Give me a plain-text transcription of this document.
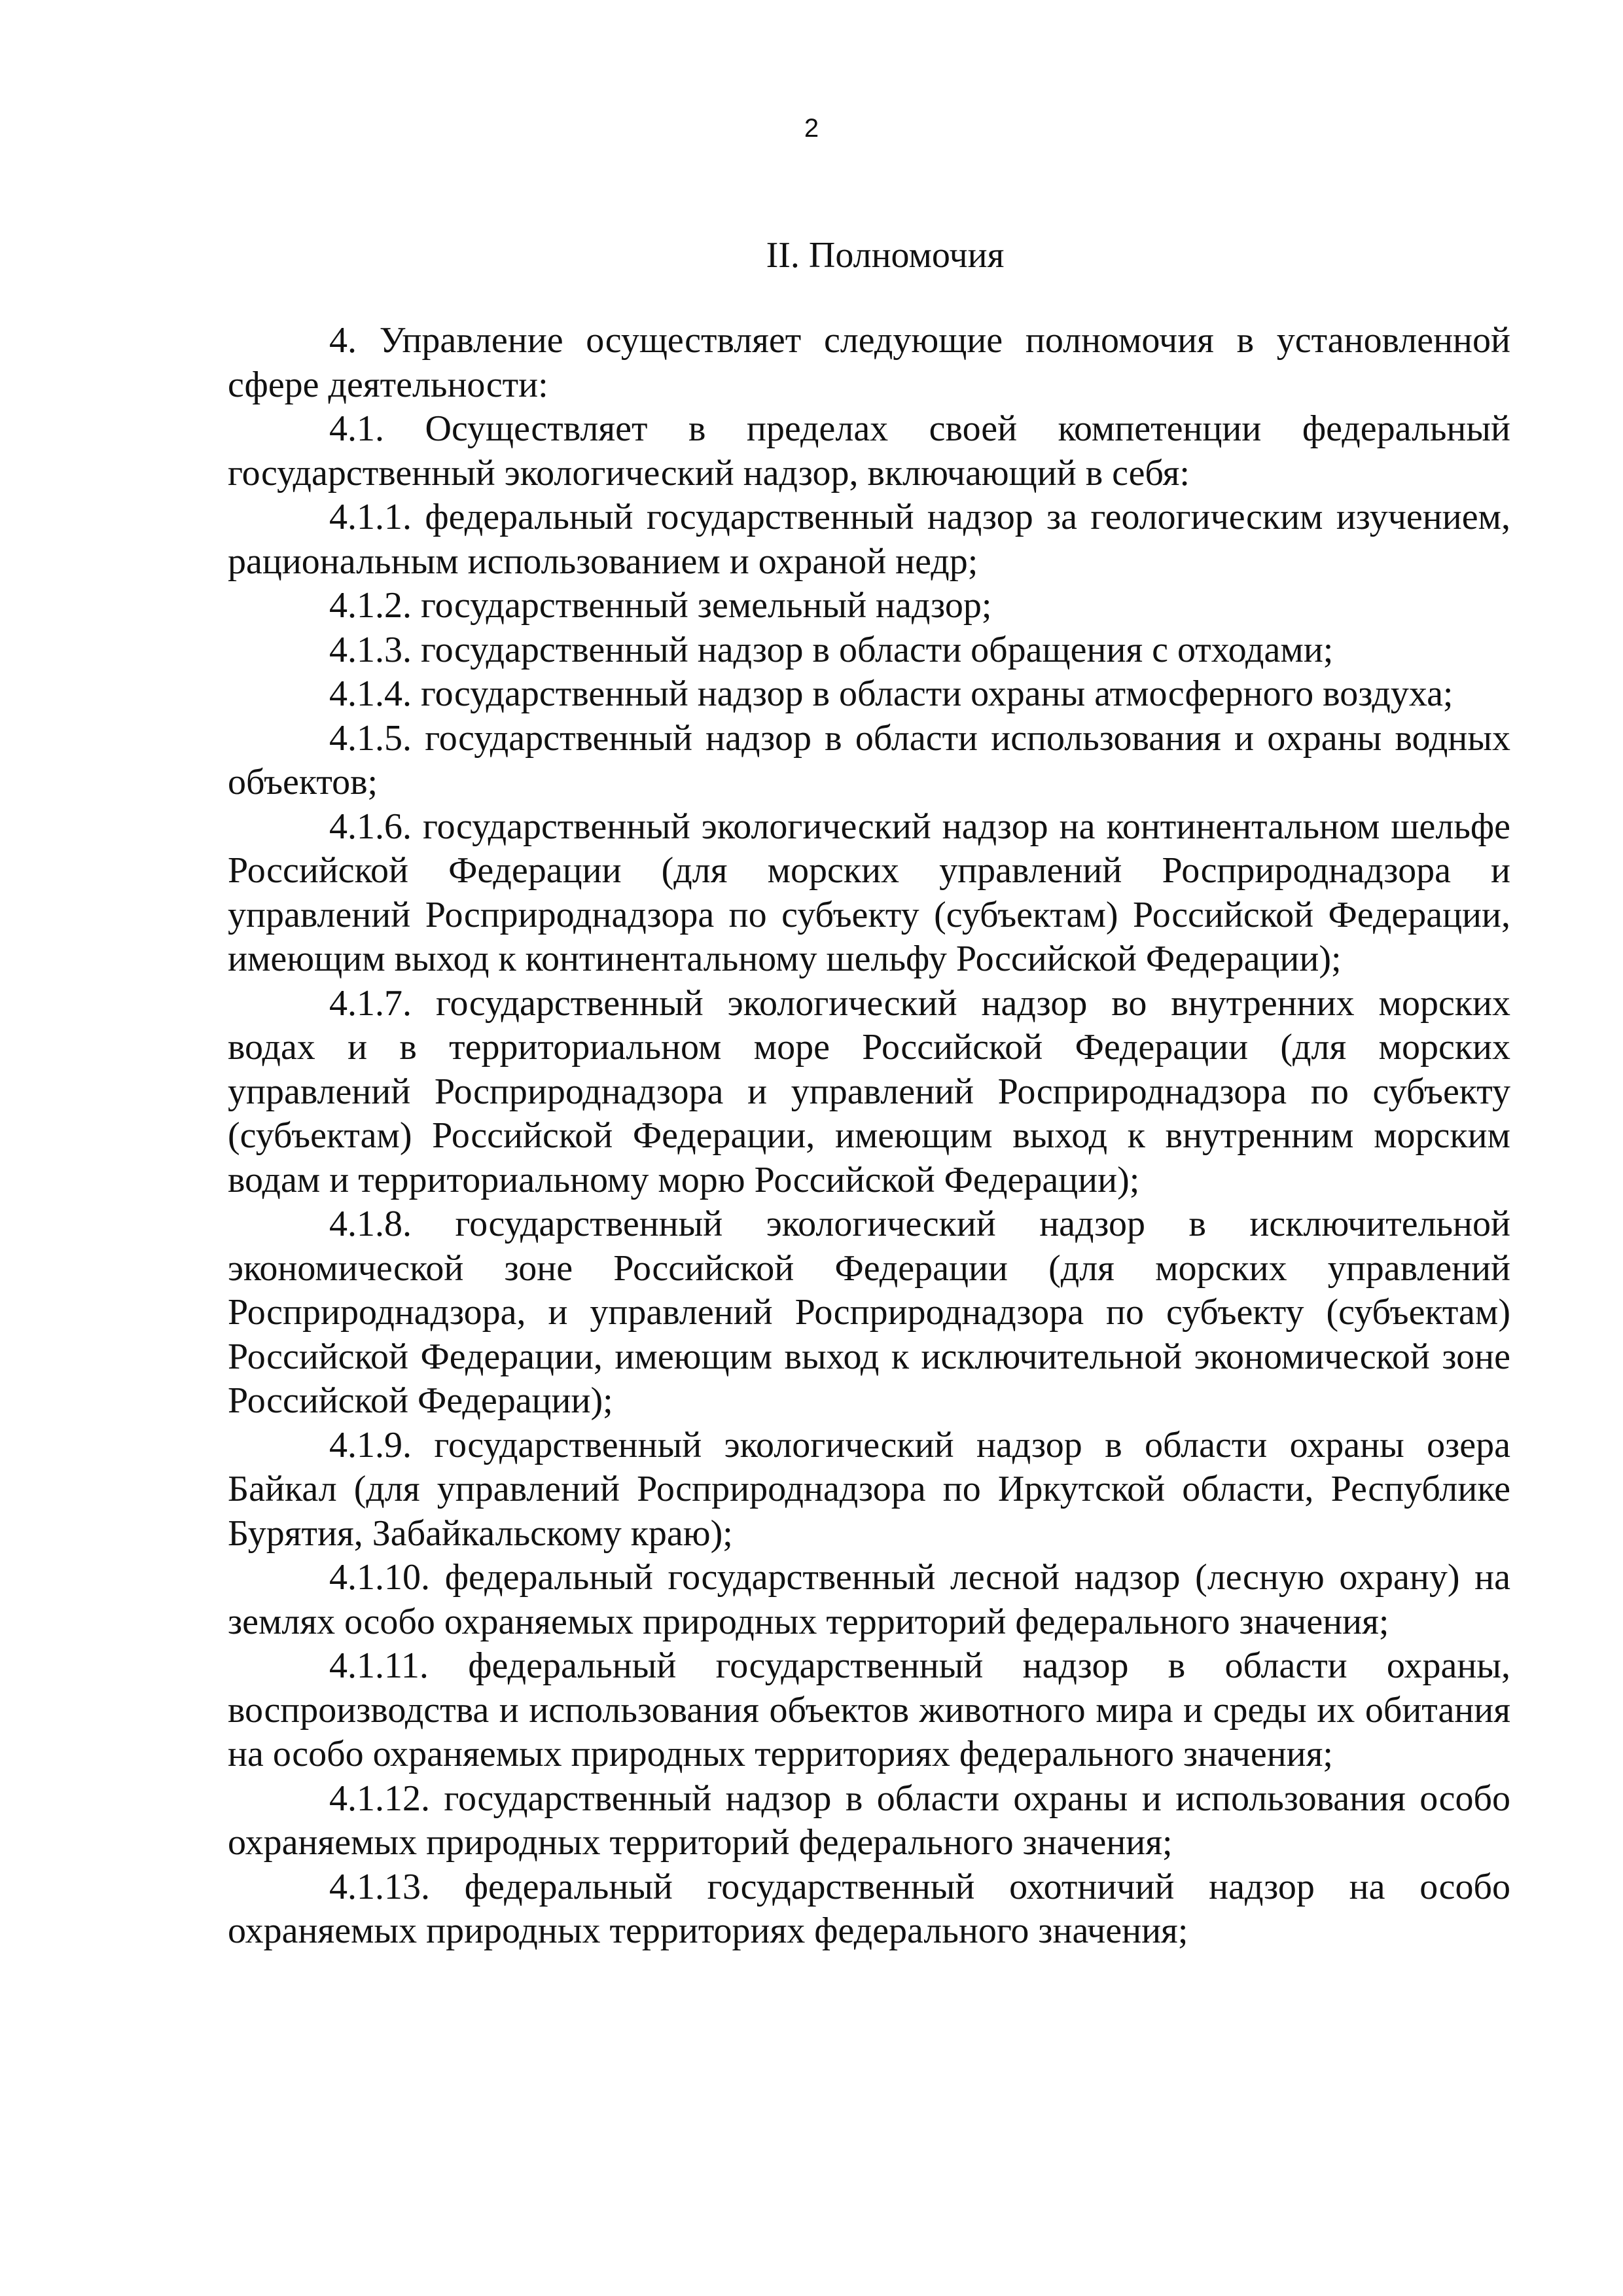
2
II. Полномочия

4. Управление осуществляет следующие полномочия в установленной сфере деятельности:

4.1. Осуществляет в пределах своей компетенции федеральный государственный экологический надзор, включающий в себя:

4.1.1. федеральный государственный надзор за геологическим изучением, рациональным использованием и охраной недр;

4.1.2. государственный земельный надзор;

4.1.3. государственный надзор в области обращения с отходами;

4.1.4. государственный надзор в области охраны атмосферного воздуха;

4.1.5. государственный надзор в области использования и охраны водных объектов;

4.1.6. государственный экологический надзор на континентальном шельфе Российской Федерации (для морских управлений Росприроднадзора и управлений Росприроднадзора по субъекту (субъектам) Российской Федерации, имеющим выход к континентальному шельфу Российской Федерации);

4.1.7. государственный экологический надзор во внутренних морских водах и в территориальном море Российской Федерации (для морских управлений Росприроднадзора и управлений Росприроднадзора по субъекту (субъектам) Российской Федерации, имеющим выход к внутренним морским водам и территориальному морю Российской Федерации);

4.1.8. государственный экологический надзор в исключительной экономической зоне Российской Федерации (для морских управлений Росприроднадзора, и управлений Росприроднадзора по субъекту (субъектам) Российской Федерации, имеющим выход к исключительной экономической зоне Российской Федерации);

4.1.9. государственный экологический надзор в области охраны озера Байкал (для управлений Росприроднадзора по Иркутской области, Республике Бурятия, Забайкальскому краю);

4.1.10. федеральный государственный лесной надзор (лесную охрану) на землях особо охраняемых природных территорий федерального значения;

4.1.11. федеральный государственный надзор в области охраны, воспроизводства и использования объектов животного мира и среды их обитания на особо охраняемых природных территориях федерального значения;

4.1.12. государственный надзор в области охраны и использования особо охраняемых природных территорий федерального значения;

4.1.13. федеральный государственный охотничий надзор на особо охраняемых природных территориях федерального значения;
